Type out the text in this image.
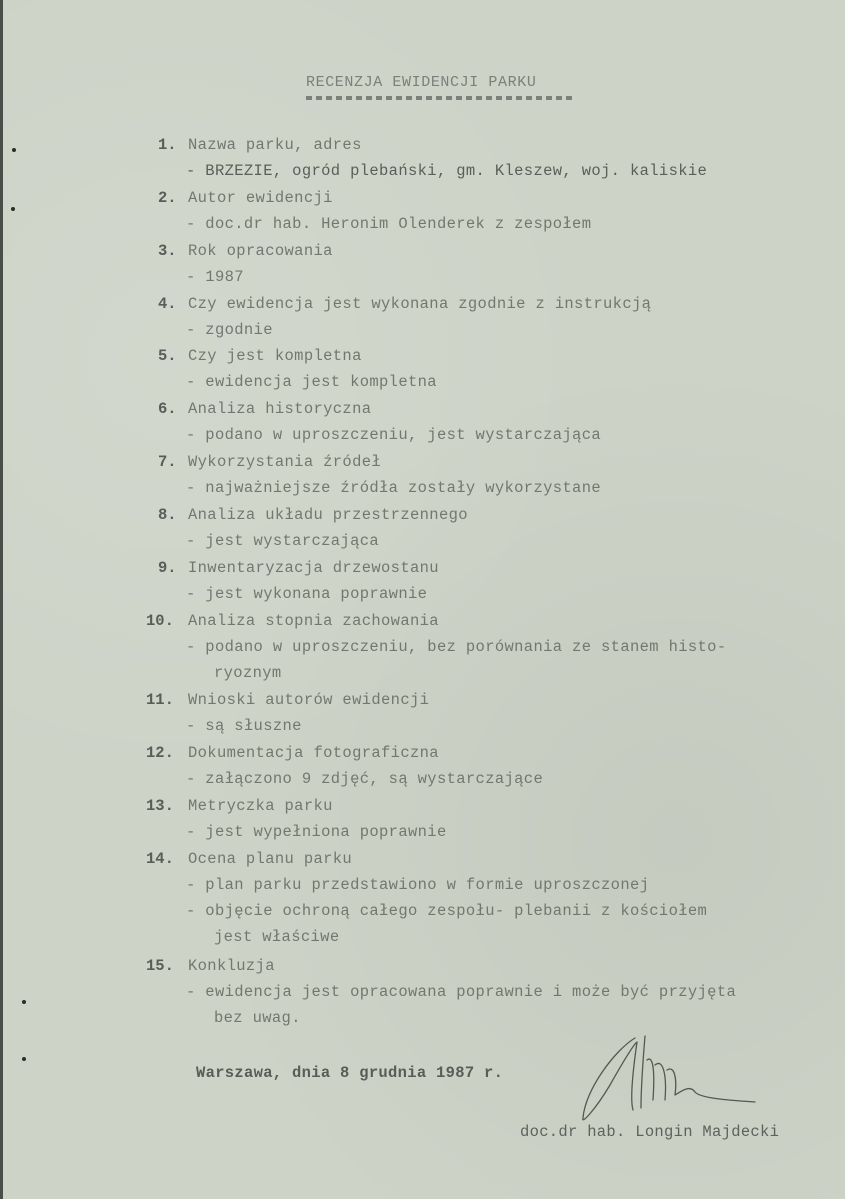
RECENZJA EWIDENCJI PARKU
1. Nazwa parku, adres
- BRZEZIE, ogród plebański, gm. Kleszew, woj. kaliskie
2. Autor ewidencji
- doc.dr hab. Heronim Olenderek z zespołem
3. Rok opracowania
- 1987
4. Czy ewidencja jest wykonana zgodnie z instrukcją
- zgodnie
5. Czy jest kompletna
- ewidencja jest kompletna
6. Analiza historyczna
- podano w uproszczeniu, jest wystarczająca
7. Wykorzystania źródeł
- najważniejsze źródła zostały wykorzystane
8. Analiza układu przestrzennego
- jest wystarczająca
9. Inwentaryzacja drzewostanu
- jest wykonana poprawnie
10. Analiza stopnia zachowania
- podano w uproszczeniu, bez porównania ze stanem histo-
ryoznym
11. Wnioski autorów ewidencji
- są słuszne
12. Dokumentacja fotograficzna
- załączono 9 zdjęć, są wystarczające
13. Metryczka parku
- jest wypełniona poprawnie
14. Ocena planu parku
- plan parku przedstawiono w formie uproszczonej
- objęcie ochroną całego zespołu- plebanii z kościołem
jest właściwe
15. Konkluzja
- ewidencja jest opracowana poprawnie i może być przyjęta
bez uwag.
Warszawa, dnia 8 grudnia 1987 r.
doc.dr hab. Longin Majdecki
